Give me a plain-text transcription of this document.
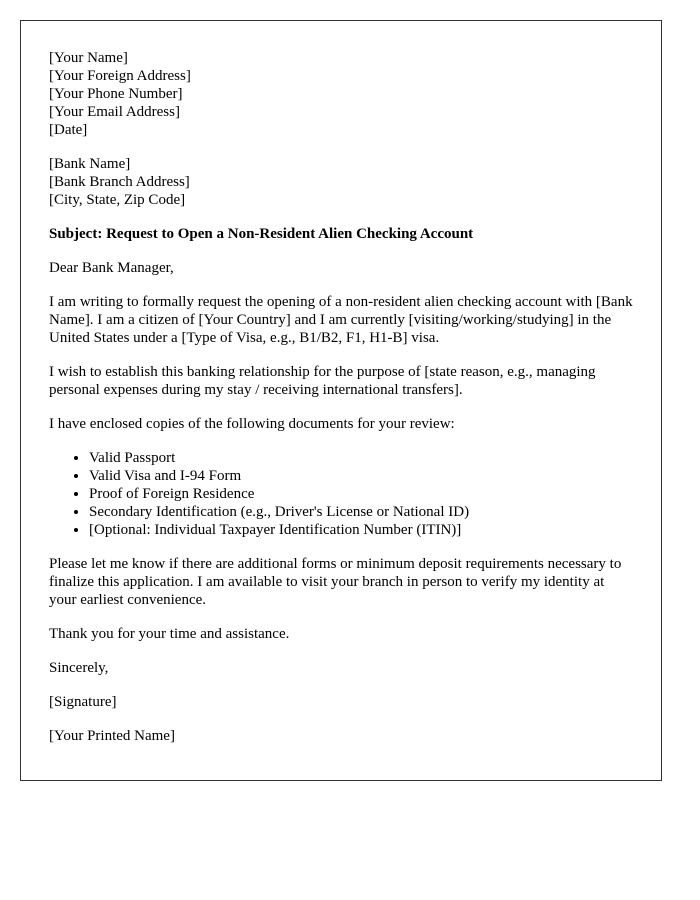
[Your Name]
[Your Foreign Address]
[Your Phone Number]
[Your Email Address]
[Date]

[Bank Name]
[Bank Branch Address]
[City, State, Zip Code]

Subject: Request to Open a Non-Resident Alien Checking Account

Dear Bank Manager,

I am writing to formally request the opening of a non-resident alien checking account with [Bank Name]. I am a citizen of [Your Country] and I am currently [visiting/working/studying] in the United States under a [Type of Visa, e.g., B1/B2, F1, H1-B] visa.

I wish to establish this banking relationship for the purpose of [state reason, e.g., managing personal expenses during my stay / receiving international transfers].

I have enclosed copies of the following documents for your review:

• Valid Passport
• Valid Visa and I-94 Form
• Proof of Foreign Residence
• Secondary Identification (e.g., Driver's License or National ID)
• [Optional: Individual Taxpayer Identification Number (ITIN)]

Please let me know if there are additional forms or minimum deposit requirements necessary to finalize this application. I am available to visit your branch in person to verify my identity at your earliest convenience.

Thank you for your time and assistance.

Sincerely,

[Signature]

[Your Printed Name]
